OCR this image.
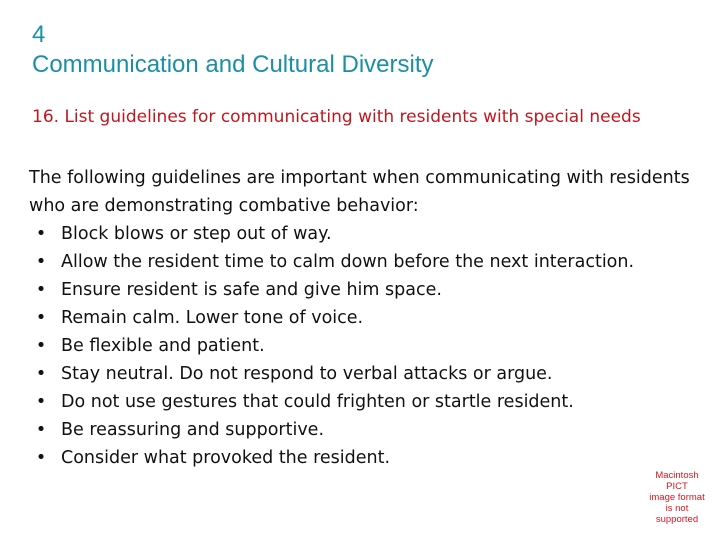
4
Communication and Cultural Diversity
16. List guidelines for communicating with residents with special needs

The following guidelines are important when communicating with residents who are demonstrating combative behavior:

• Block blows or step out of way.
• Allow the resident time to calm down before the next interaction.
• Ensure resident is safe and give him space.
• Remain calm. Lower tone of voice.
• Be flexible and patient.
• Stay neutral. Do not respond to verbal attacks or argue.
• Do not use gestures that could frighten or startle resident.
• Be reassuring and supportive.
• Consider what provoked the resident.
Macintosh PICT
image format
is not supported
